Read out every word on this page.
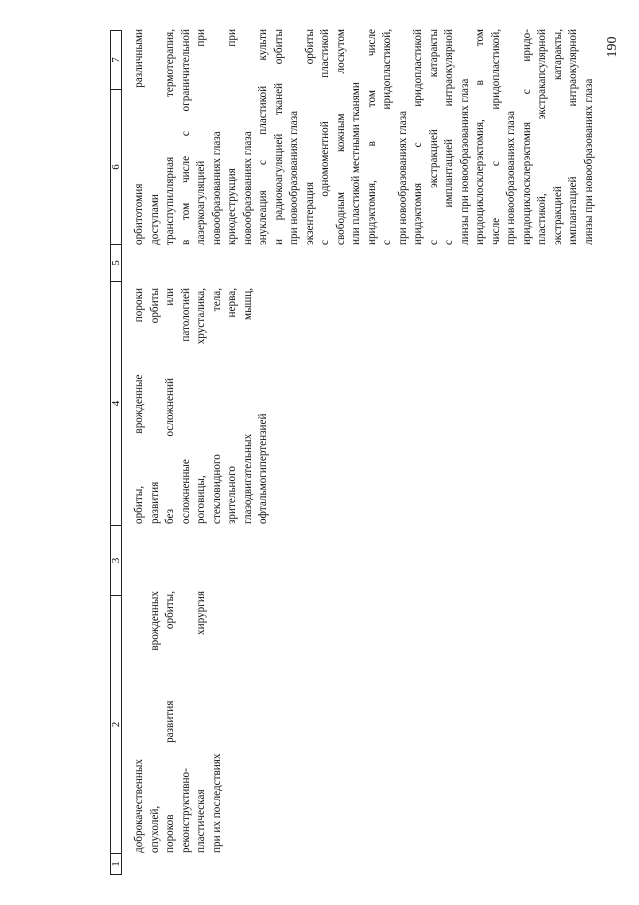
190
1
2
3
4
5
6
7
доброкачественных опухолей, врожденных пороков развития орбиты, реконструктивно- пластическая хирургия при их последствиях
орбиты, врожденные пороки развития орбиты без осложнений или осложненные патологией роговицы, хрусталика, стекловидного тела, зрительного нерва, глазодвигательных мышц, офтальмогипертензией
орбитотомия различными доступами транспупиллярная термотерапия, в том числе с ограничительной лазеркоагуляцией при новообразованиях глаза криодеструкция при новообразованиях глаза энуклеация с пластикой культи и радиокоагуляцией тканей орбиты при новообразованиях глаза экзентерация орбиты с одномоментной пластикой свободным кожным лоскутом или пластикой местными тканями иридэктомия, в том числе с иридопластикой, при новообразованиях глаза иридэктомия с иридопластикой с экстракцией катаракты с имплантацией интраокулярной линзы при новообразованиях глаза иридоциклосклерэктомия, в том числе с иридопластикой, при новообразованиях глаза иридоциклосклерэктомия с иридо- пластикой, экстракапсулярной экстракцией катаракты, имплантацией интраокулярной линзы при новообразованиях глаза
